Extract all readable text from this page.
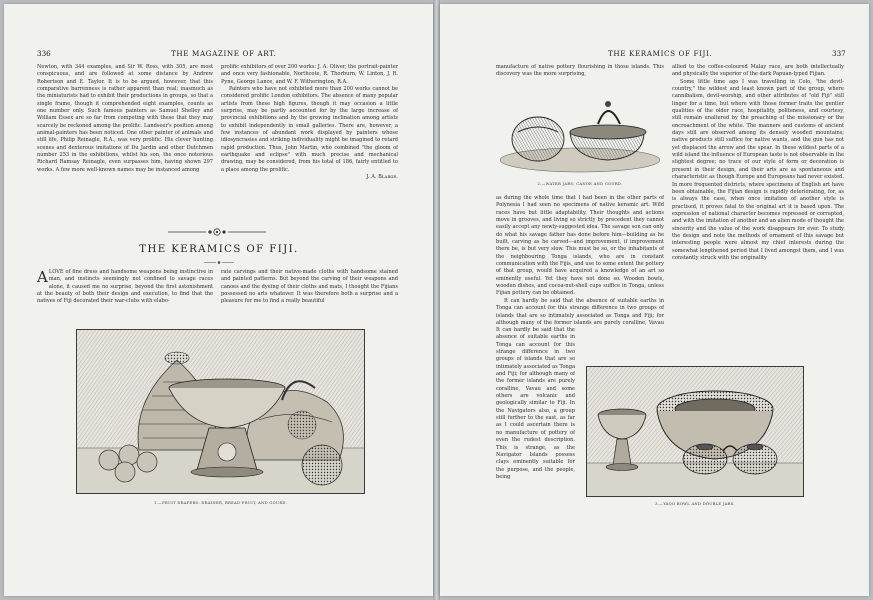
336	THE MAGAZINE OF ART.

Newton, with 344 examples, and Sir W. Ross, with 305, are most conspicuous, and are followed at some distance by Andrew Robertson and E. Taylor. It is to be argued, however, that this comparative barrenness is rather apparent than real; inasmuch as the miniaturists had to exhibit their productions in groups, so that a single frame, though it comprehended eight examples, counts as one number only. Such famous painters as Samuel Shelley and William Essex are so far from competing with these that they may scarcely be reckoned among the prolific. Landseer's position among animal-painters has been noticed. One other painter of animals and still life, Philip Reinagle, R.A., was very prolific. His clever hunting scenes and dexterous imitations of Du Jardin and other Dutchmen number 253 in the exhibitions, whilst his son, the once notorious Richard Ramsay Reinagle, even surpasses him, having shown 297 works. A few more well-known names may be instanced among

prolific exhibitors of over 200 works: J. A. Oliver, the portrait-painter and once very fashionable, Northcote, R. Thorburn, W. Linton, J. R. Pyne, George Lance, and W. F. Witherington, R.A.

Painters who have not exhibited more than 200 works cannot be considered prolific London exhibitors. The absence of many popular artists from these high figures, though it may occasion a little surprise, may be partly accounted for by the large increase of provincial exhibitions and by the growing inclination among artists to exhibit independently in small galleries. There are, however, a few instances of abundant work displayed by painters whose idiosyncrasies and striking individuality might be imagined to retard rapid production. Thus, John Martin, who combined "the gloom of earthquake and eclipse" with much precise and mechanical drawing, may be considered, from his total of 186, fairly entitled to a place among the prolific.

J. A. Blaikie.
THE KERAMICS OF FIJI.
A LOVE of fine dress and handsome weapons being instinctive in man, and instincts seemingly not confined to savage races alone, it caused me no surprise, beyond the first astonishment at the beauty of both their design and execution, to find that the natives of Fiji decorated their war-clubs with elabo-

rate carvings and their native-made cloths with handsome stained and painted patterns. But beyond the carving of their weapons and canoes and the dyeing of their cloths and mats, I thought the Fijians possessed no arts whatever. It was therefore both a surprise and a pleasure for me to find a really beautiful

1.—FRUIT DRAPERS: DRAINER, BREAD-FRUIT, AND GOURD.
THE KERAMICS OF FIJI.	337

manufacture of native pottery flourishing in those islands. This discovery was the more surprising,

2.—WATER JARS: CANOE AND GOURD.

as during the whole time that I had been in the other parts of Polynesia I had seen no specimens of native keramic art. Wild races have but little adaptability. Their thoughts and actions move in grooves, and living so strictly by precedent they cannot easily accept any newly-suggested idea. The savage son can only do what his savage father has done before him—building as he built, carving as he carved—and improvement, if improvement there be, is but very slow. This must be so, or the inhabitants of the neighbouring Tonga islands, who are in constant communication with the Fijis, and use to some extent the pottery of that group, would have acquired a knowledge of an art so eminently useful. Yet they have not done so. Wooden bowls, wooden dishes, and cocoa-nut-shell cups suffice in Tonga, unless Fijian pottery can be obtained.

It can hardly be said that the absence of suitable earths in Tonga can account for this strange difference in two groups of islands that are so intimately associated as Tonga and Fiji; for although many of the former islands are purely coralline, Vavau

It can hardly be said that the absence of suitable earths in Tonga can account for this strange difference in two groups of islands that are so intimately associated as Tonga and Fiji; for although many of the former islands are purely coralline, Vavau and some others are volcanic and geologically similar to Fiji. In the Navigators also, a group still further to the east, as far as I could ascertain there is no manufacture of pottery of even the rudest description. This is strange, as the Navigator Islands possess clays eminently suitable for the purpose, and the people, being

allied to the coffee-coloured Malay race, are both intellectually and physically the superior of the dark Papuan-typed Fijian.

Some little time ago I was travelling in Colo, "the devil-country," the wildest and least known part of the group, where cannibalism, devil-worship, and other attributes of "old Fiji" still linger for a time, but where with those former traits the gentler qualities of the older race, hospitality, politeness, and courtesy, still remain unaltered by the preaching of the missionary or the encroachment of the white. The manners and customs of ancient days still are observed among its densely wooded mountains; native products still suffice for native wants, and the gun has not yet displaced the arrow and the spear. In these wildest parts of a wild island the influence of European taste is not observable in the slightest degree; no trace of our style of form or decoration is present in their design, and their arts are as spontaneous and characteristic as though Europe and Europeans had never existed. In more frequented districts, where specimens of English art have been obtainable, the Fijian design is rapidly deteriorating, for, as is always the case, when once imitation of another style is practised, it proves fatal to the original art it is based upon. The expression of national character becomes repressed or corrupted, and with the imitation of another and an alien mode of thought the sincerity and the value of the work disappears for ever. To study the design and note the methods of ornament of this savage but interesting people were almost my chief interests during the somewhat lengthened period that I lived amongst them, and I was constantly struck with the originality

3.—YAQO BOWL AND DOUBLE JARS.
